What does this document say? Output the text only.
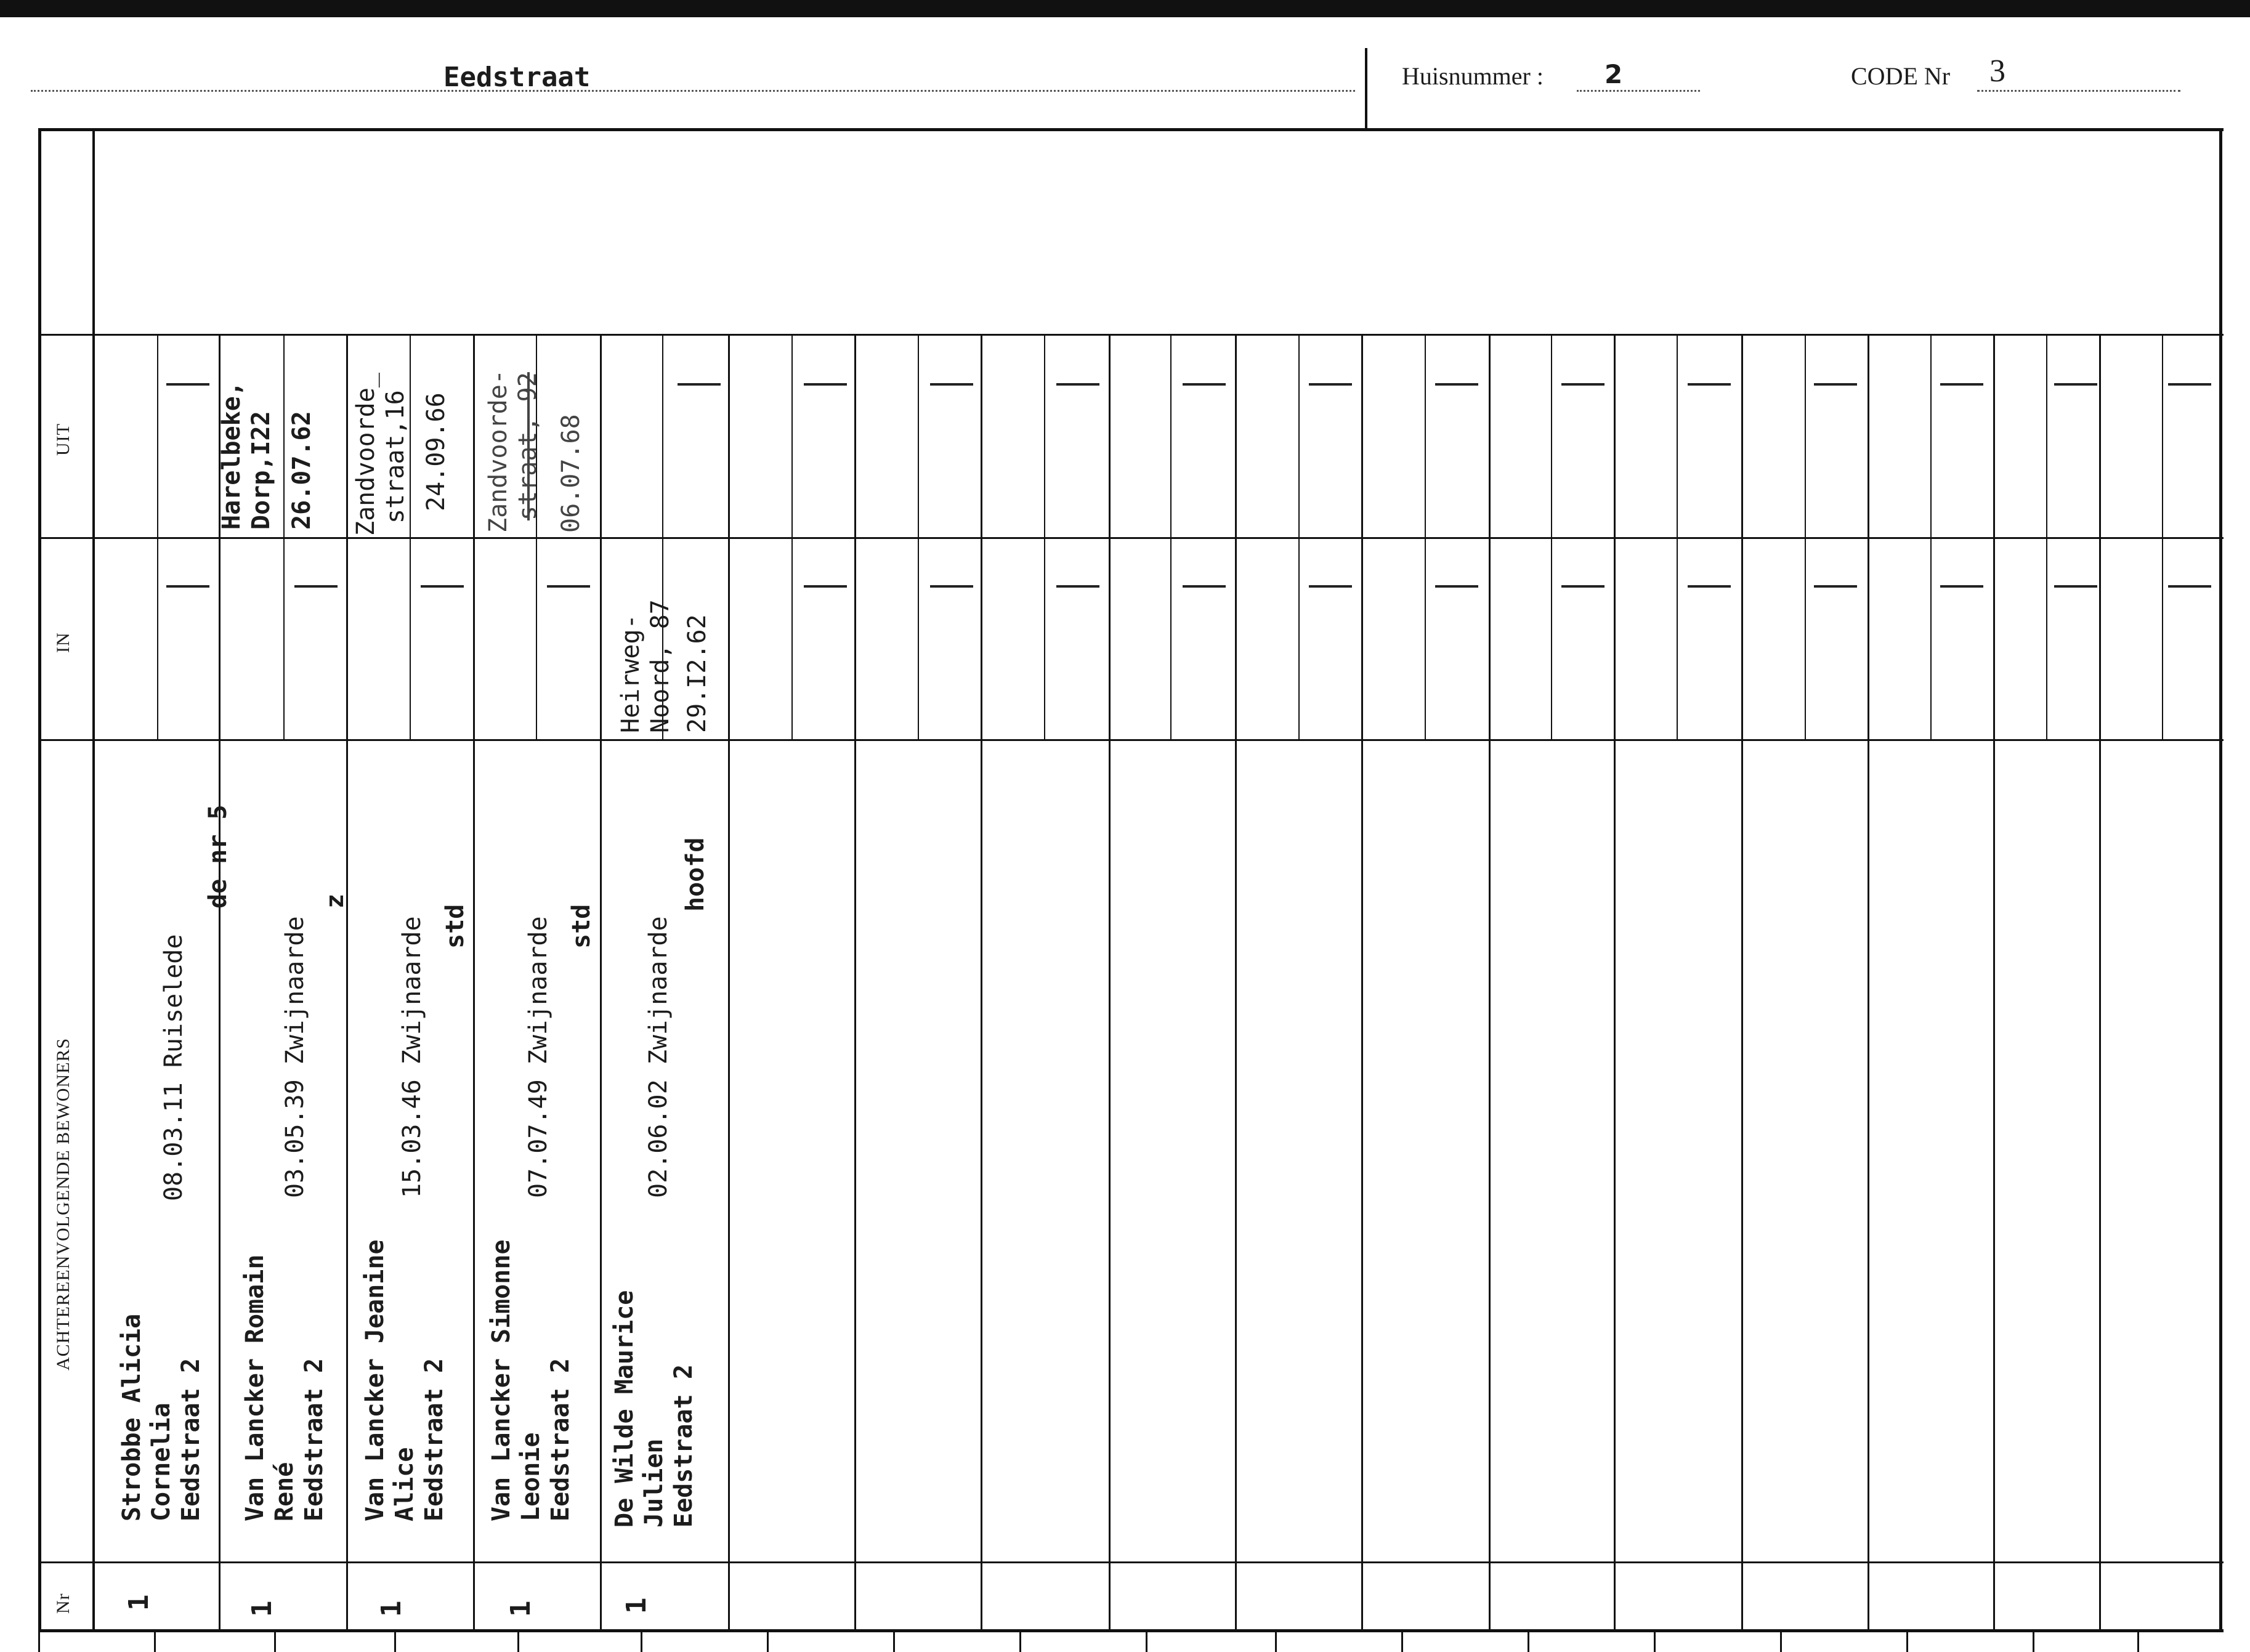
Eedstraat	Huisnummer : 2	CODE Nr 3
UIT
IN
ACHTEREENVOLGENDE BEWONERS
Nr
Strobbe Alicia Cornelia Eedstraat 2
08.03.11 Ruiselede
de nr 5
1
Van Lancker Romain René Eedstraat 2
03.05.39 Zwijnaarde
z
1
Harelbeke, Dorp,I22 26.07.62
Van Lancker Jeanine Alice Eedstraat 2
15.03.46 Zwijnaarde std
1
Zandvoorde_ straat,16 24.09.66
Van Lancker Simonne Leonie Eedstraat 2
07.07.49 Zwijnaarde std
1
Zandvoorde- straat, 92 06.07.68
De Wilde Maurice Julien Eedstraat 2
02.06.02 Zwijnaarde
hoofd
1
Heirweg- Noord, 87 29.I2.62
